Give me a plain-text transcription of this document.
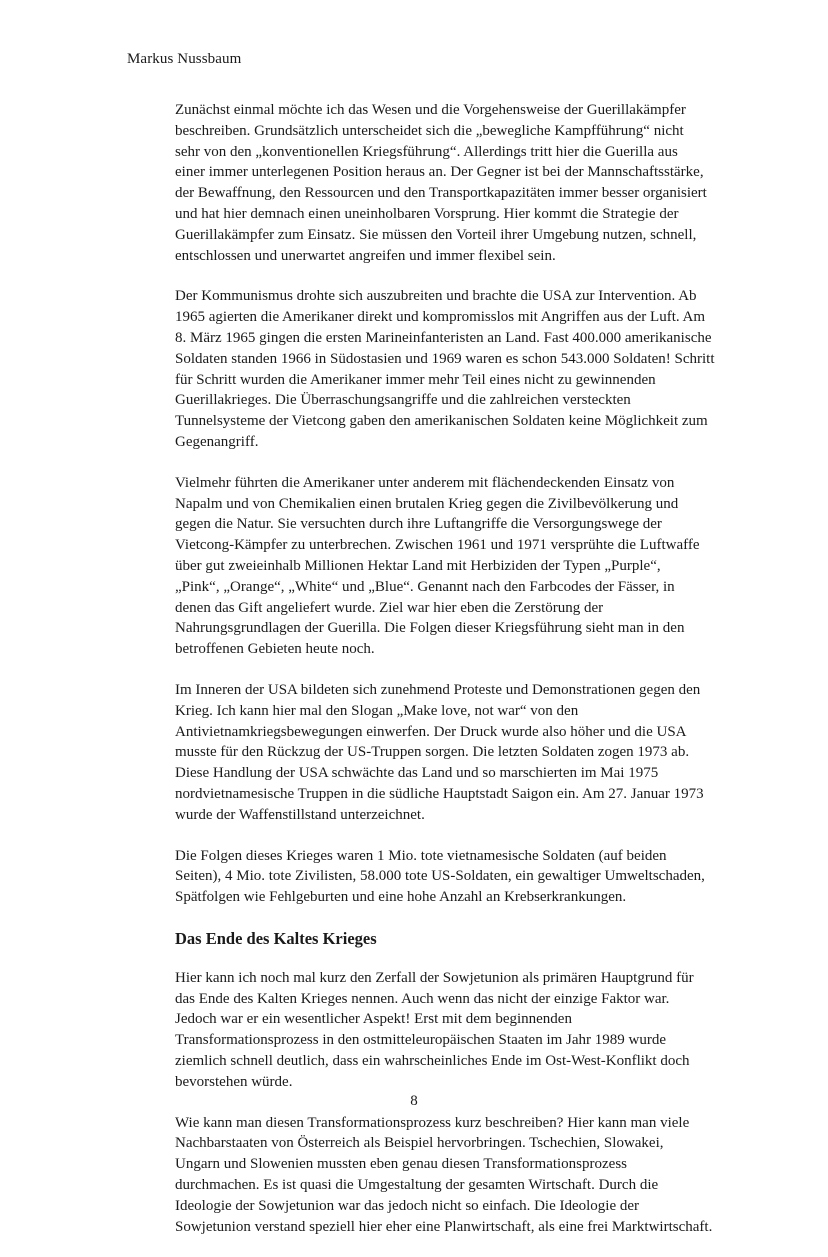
Markus Nussbaum

Zunächst einmal möchte ich das Wesen und die Vorgehensweise der Guerillakämpfer
beschreiben. Grundsätzlich unterscheidet sich die „bewegliche Kampfführung“ nicht
sehr von den „konventionellen Kriegsführung“. Allerdings tritt hier die Guerilla aus
einer immer unterlegenen Position heraus an. Der Gegner ist bei der Mannschaftsstärke,
der Bewaffnung, den Ressourcen und den Transportkapazitäten immer besser organisiert
und hat hier demnach einen uneinholbaren Vorsprung. Hier kommt die Strategie der
Guerillakämpfer zum Einsatz. Sie müssen den Vorteil ihrer Umgebung nutzen, schnell,
entschlossen und unerwartet angreifen und immer flexibel sein.

Der Kommunismus drohte sich auszubreiten und brachte die USA zur Intervention. Ab
1965 agierten die Amerikaner direkt und kompromisslos mit Angriffen aus der Luft. Am
8. März 1965 gingen die ersten Marineinfanteristen an Land. Fast 400.000 amerikanische
Soldaten standen 1966 in Südostasien und 1969 waren es schon 543.000 Soldaten! Schritt
für Schritt wurden die Amerikaner immer mehr Teil eines nicht zu gewinnenden
Guerillakrieges. Die Überraschungsangriffe und die zahlreichen versteckten
Tunnelsysteme der Vietcong gaben den amerikanischen Soldaten keine Möglichkeit zum
Gegenangriff.

Vielmehr führten die Amerikaner unter anderem mit flächendeckenden Einsatz von
Napalm und von Chemikalien einen brutalen Krieg gegen die Zivilbevölkerung und
gegen die Natur. Sie versuchten durch ihre Luftangriffe die Versorgungswege der
Vietcong-Kämpfer zu unterbrechen. Zwischen 1961 und 1971 versprühte die Luftwaffe
über gut zweieinhalb Millionen Hektar Land mit Herbiziden der Typen „Purple“,
„Pink“, „Orange“, „White“ und „Blue“. Genannt nach den Farbcodes der Fässer, in
denen das Gift angeliefert wurde. Ziel war hier eben die Zerstörung der
Nahrungsgrundlagen der Guerilla. Die Folgen dieser Kriegsführung sieht man in den
betroffenen Gebieten heute noch.

Im Inneren der USA bildeten sich zunehmend Proteste und Demonstrationen gegen den
Krieg. Ich kann hier mal den Slogan „Make love, not war“ von den
Antivietnamkriegsbewegungen einwerfen. Der Druck wurde also höher und die USA
musste für den Rückzug der US-Truppen sorgen. Die letzten Soldaten zogen 1973 ab.
Diese Handlung der USA schwächte das Land und so marschierten im Mai 1975
nordvietnamesische Truppen in die südliche Hauptstadt Saigon ein. Am 27. Januar 1973
wurde der Waffenstillstand unterzeichnet.

Die Folgen dieses Krieges waren 1 Mio. tote vietnamesische Soldaten (auf beiden
Seiten), 4 Mio. tote Zivilisten, 58.000 tote US-Soldaten, ein gewaltiger Umweltschaden,
Spätfolgen wie Fehlgeburten und eine hohe Anzahl an Krebserkrankungen.

Das Ende des Kaltes Krieges

Hier kann ich noch mal kurz den Zerfall der Sowjetunion als primären Hauptgrund für
das Ende des Kalten Krieges nennen. Auch wenn das nicht der einzige Faktor war.
Jedoch war er ein wesentlicher Aspekt! Erst mit dem beginnenden
Transformationsprozess in den ostmitteleuropäischen Staaten im Jahr 1989 wurde
ziemlich schnell deutlich, dass ein wahrscheinliches Ende im Ost-West-Konflikt doch
bevorstehen würde.

Wie kann man diesen Transformationsprozess kurz beschreiben? Hier kann man viele
Nachbarstaaten von Österreich als Beispiel hervorbringen. Tschechien, Slowakei,
Ungarn und Slowenien mussten eben genau diesen Transformationsprozess
durchmachen. Es ist quasi die Umgestaltung der gesamten Wirtschaft. Durch die
Ideologie der Sowjetunion war das jedoch nicht so einfach. Die Ideologie der
Sowjetunion verstand speziell hier eher eine Planwirtschaft, als eine frei Marktwirtschaft.

8
